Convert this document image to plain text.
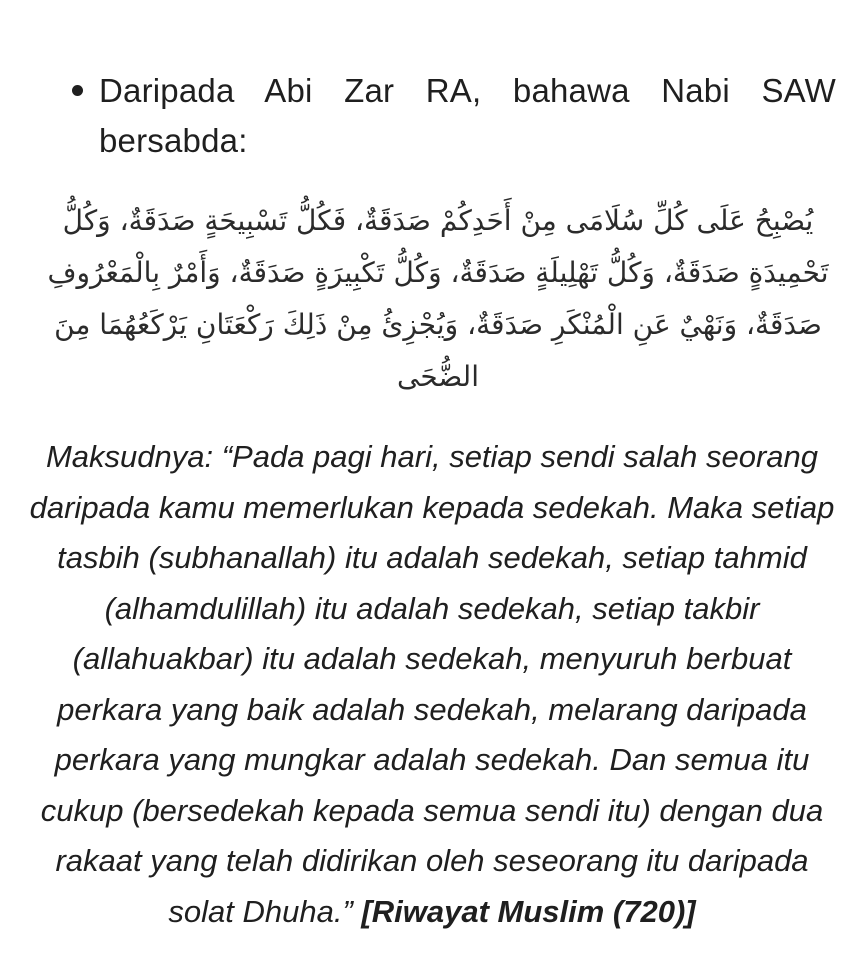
Daripada Abi Zar RA, bahawa Nabi SAW bersabda:
يُصْبِحُ عَلَى كُلِّ سُلَامَى مِنْ أَحَدِكُمْ صَدَقَةٌ، فَكُلُّ تَسْبِيحَةٍ صَدَقَةٌ، وَكُلُّ تَحْمِيدَةٍ صَدَقَةٌ، وَكُلُّ تَهْلِيلَةٍ صَدَقَةٌ، وَكُلُّ تَكْبِيرَةٍ صَدَقَةٌ، وَأَمْرٌ بِالْمَعْرُوفِ صَدَقَةٌ، وَنَهْيٌ عَنِ الْمُنْكَرِ صَدَقَةٌ، وَيُجْزِئُ مِنْ ذَلِكَ رَكْعَتَانِ يَرْكَعُهُمَا مِنَ الضُّحَى
Maksudnya: “Pada pagi hari, setiap sendi salah seorang daripada kamu memerlukan kepada sedekah. Maka setiap tasbih (subhanallah) itu adalah sedekah, setiap tahmid (alhamdulillah) itu adalah sedekah, setiap takbir (allahuakbar) itu adalah sedekah, menyuruh berbuat perkara yang baik adalah sedekah, melarang daripada perkara yang mungkar adalah sedekah. Dan semua itu cukup (bersedekah kepada semua sendi itu) dengan dua rakaat yang telah didirikan oleh seseorang itu daripada solat Dhuha.” [Riwayat Muslim (720)]
